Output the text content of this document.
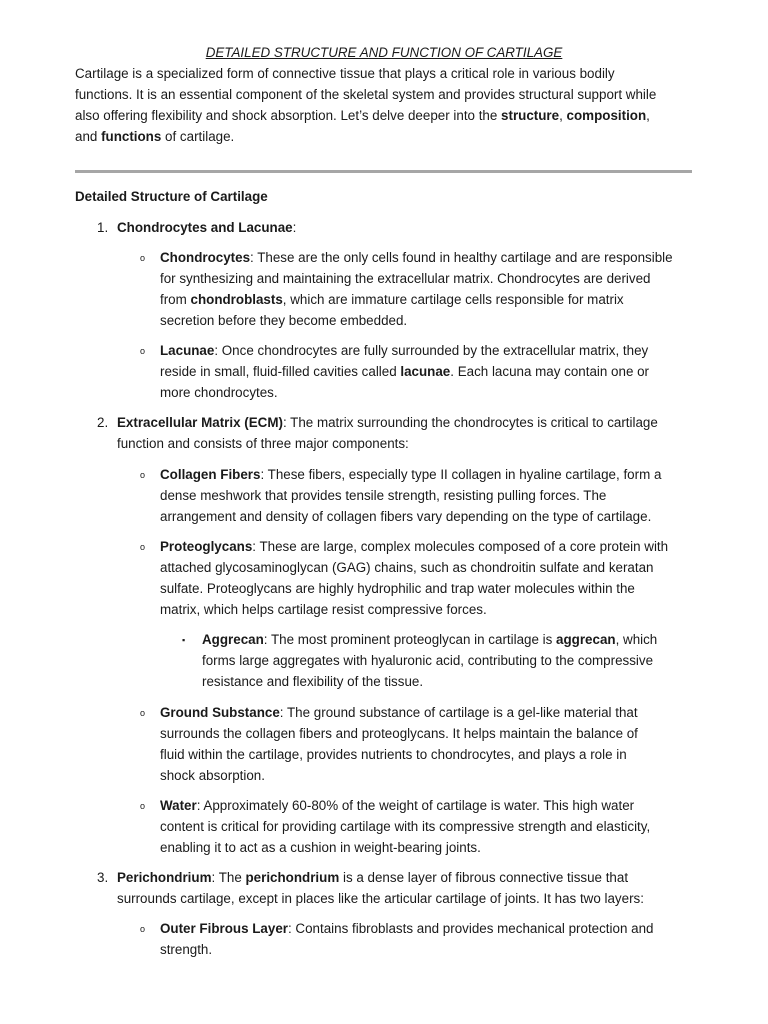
DETAILED STRUCTURE AND FUNCTION OF CARTILAGE
Cartilage is a specialized form of connective tissue that plays a critical role in various bodily
functions. It is an essential component of the skeletal system and provides structural support while
also offering flexibility and shock absorption. Let’s delve deeper into the structure, composition,
and functions of cartilage.
Detailed Structure of Cartilage
1. Chondrocytes and Lacunae:
o Chondrocytes: These are the only cells found in healthy cartilage and are responsible
for synthesizing and maintaining the extracellular matrix. Chondrocytes are derived
from chondroblasts, which are immature cartilage cells responsible for matrix
secretion before they become embedded.
o Lacunae: Once chondrocytes are fully surrounded by the extracellular matrix, they
reside in small, fluid-filled cavities called lacunae. Each lacuna may contain one or
more chondrocytes.
2. Extracellular Matrix (ECM): The matrix surrounding the chondrocytes is critical to cartilage
function and consists of three major components:
o Collagen Fibers: These fibers, especially type II collagen in hyaline cartilage, form a
dense meshwork that provides tensile strength, resisting pulling forces. The
arrangement and density of collagen fibers vary depending on the type of cartilage.
o Proteoglycans: These are large, complex molecules composed of a core protein with
attached glycosaminoglycan (GAG) chains, such as chondroitin sulfate and keratan
sulfate. Proteoglycans are highly hydrophilic and trap water molecules within the
matrix, which helps cartilage resist compressive forces.
▪ Aggrecan: The most prominent proteoglycan in cartilage is aggrecan, which
forms large aggregates with hyaluronic acid, contributing to the compressive
resistance and flexibility of the tissue.
o Ground Substance: The ground substance of cartilage is a gel-like material that
surrounds the collagen fibers and proteoglycans. It helps maintain the balance of
fluid within the cartilage, provides nutrients to chondrocytes, and plays a role in
shock absorption.
o Water: Approximately 60-80% of the weight of cartilage is water. This high water
content is critical for providing cartilage with its compressive strength and elasticity,
enabling it to act as a cushion in weight-bearing joints.
3. Perichondrium: The perichondrium is a dense layer of fibrous connective tissue that
surrounds cartilage, except in places like the articular cartilage of joints. It has two layers:
o Outer Fibrous Layer: Contains fibroblasts and provides mechanical protection and
strength.
